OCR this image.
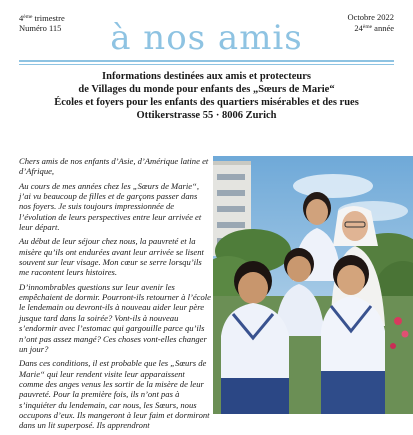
4ème trimestre
Numéro 115
Octobre 2022
24ème année
à nos amis
Informations destinées aux amis et protecteurs
de Villages du monde pour enfants des „Sœurs de Marie“
Écoles et foyers pour les enfants des quartiers misérables et des rues
Ottikerstrasse 55 · 8006 Zurich

Chers amis de nos enfants d’Asie, d’Amérique latine et d’Afrique,

Au cours de mes années chez les „Sœurs de Marie“, j’ai vu beaucoup de filles et de garçons passer dans nos foyers. Je suis toujours impressionnée de l’évolution de leurs perspectives entre leur arrivée et leur départ.

Au début de leur séjour chez nous, la pauvreté et la misère qu’ils ont endurées avant leur arrivée se lisent souvent sur leur visage. Mon cœur se serre lorsqu’ils me racontent leurs histoires.

D’innombrables questions sur leur avenir les empêchaient de dormir. Pourront-ils retourner à l’école le lendemain ou devront-ils à nouveau aider leur père jusque tard dans la soirée? Vont-ils à nouveau s’endormir avec l’estomac qui gargouille parce qu’ils n’ont pas assez mangé? Ces choses vont-elles changer un jour?

Dans ces conditions, il est probable que les „Sœurs de Marie“ qui leur rendent visite leur apparaissent comme des anges venus les sortir de la misère de leur pauvreté. Pour la première fois, ils n’ont pas à s’inquiéter du lendemain, car nous, les Sœurs, nous occupons d’eux. Ils mangeront à leur faim et dormiront dans un lit superposé. Ils apprendront
